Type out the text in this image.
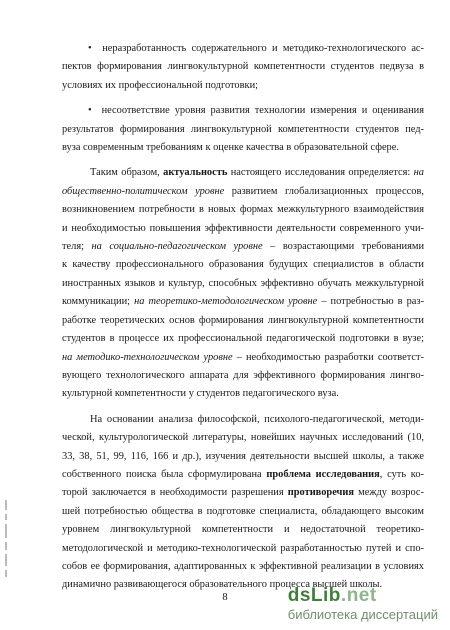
• неразработанность содержательного и методико-технологического ас-
пектов формирования лингвокультурной компетентности студентов педвуза в
условиях их профессиональной подготовки;
• несоответствие уровня развития технологии измерения и оценивания
результатов формирования лингвокультурной компетентности студентов пед-
вуза современным требованиям к оценке качества в образовательной сфере.
Таким образом, актуальность настоящего исследования определяется: на
общественно-политическом уровне развитием глобализационных процессов,
возникновением потребности в новых формах межкультурного взаимодействия
и необходимостью повышения эффективности деятельности современного учи-
теля; на социально-педагогическом уровне – возрастающими требованиями
к качеству профессионального образования будущих специалистов в области
иностранных языков и культур, способных эффективно обучать межкультурной
коммуникации; на теоретико-методологическом уровне – потребностью в раз-
работке теоретических основ формирования лингвокультурной компетентности
студентов в процессе их профессиональной педагогической подготовки в вузе;
на методико-технологическом уровне – необходимостью разработки соответст-
вующего технологического аппарата для эффективного формирования лингво-
культурной компетентности у студентов педагогического вуза.
На основании анализа философской, психолого-педагогической, методи-
ческой, культурологической литературы, новейших научных исследований (10,
33, 38, 51, 99, 116, 166 и др.), изучения деятельности высшей школы, а также
собственного поиска была сформулирована проблема исследования, суть ко-
торой заключается в необходимости разрешения противоречия между возрос-
шей потребностью общества в подготовке специалиста, обладающего высоким
уровнем лингвокультурной компетентности и недостаточной теоретико-
методологической и методико-технологической разработанностью путей и спо-
собов ее формирования, адаптированных к эффективной реализации в условиях
динамично развивающегося образовательного процесса высшей школы.
8	dsLib.net
библиотека диссертаций
